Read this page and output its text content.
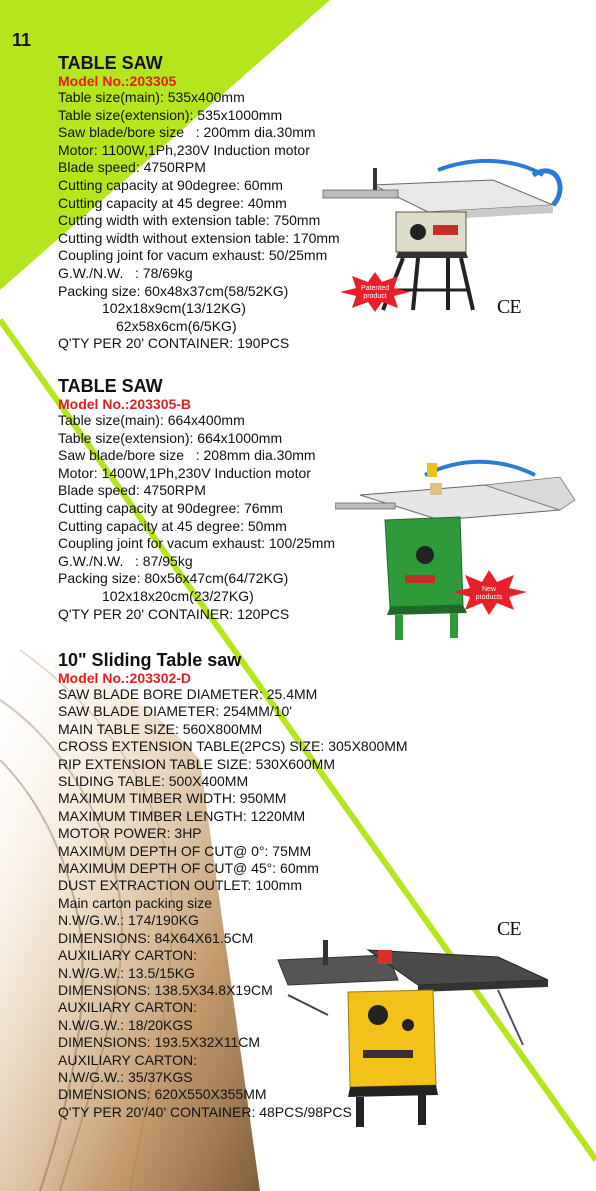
11
TABLE SAW
Model No.:203305
Table size(main): 535x400mm
Table size(extension): 535x1000mm
Saw blade/bore size   : 200mm dia.30mm
Motor: 1100W,1Ph,230V Induction motor
Blade speed: 4750RPM
Cutting capacity at 90degree: 60mm
Cutting capacity at 45 degree: 40mm
Cutting width with extension table: 750mm
Cutting width without extension table: 170mm
Coupling joint for vacum exhaust: 50/25mm
G.W./N.W.   : 78/69kg
Packing size: 60x48x37cm(58/52KG)
102x18x9cm(13/12KG)
62x58x6cm(6/5KG)
Q'TY PER 20' CONTAINER: 190PCS
Patented
product	CE
TABLE SAW
Model No.:203305-B
Table size(main): 664x400mm
Table size(extension): 664x1000mm
Saw blade/bore size   : 208mm dia.30mm
Motor: 1400W,1Ph,230V Induction motor
Blade speed: 4750RPM
Cutting capacity at 90degree: 76mm
Cutting capacity at 45 degree: 50mm
Coupling joint for vacum exhaust: 100/25mm
G.W./N.W.   : 87/95kg
Packing size: 80x56x47cm(64/72KG)
102x18x20cm(23/27KG)
Q'TY PER 20' CONTAINER: 120PCS
New
products
10" Sliding Table saw
Model No.:203302-D
SAW BLADE BORE DIAMETER: 25.4MM
SAW BLADE DIAMETER: 254MM/10'
MAIN TABLE SIZE: 560X800MM
CROSS EXTENSION TABLE(2PCS) SIZE: 305X800MM
RIP EXTENSION TABLE SIZE: 530X600MM
SLIDING TABLE: 500X400MM
MAXIMUM TIMBER WIDTH: 950MM
MAXIMUM TIMBER LENGTH: 1220MM
MOTOR POWER: 3HP
MAXIMUM DEPTH OF CUT@ 0°: 75MM
MAXIMUM DEPTH OF CUT@ 45°: 60mm
DUST EXTRACTION OUTLET: 100mm
Main carton packing size
N.W/G.W.: 174/190KG
DIMENSIONS: 84X64X61.5CM
AUXILIARY CARTON:
N.W/G.W.: 13.5/15KG
DIMENSIONS: 138.5X34.8X19CM
AUXILIARY CARTON:
N.W/G.W.: 18/20KGS
DIMENSIONS: 193.5X32X11CM
AUXILIARY CARTON:
N.W/G.W.: 35/37KGS
DIMENSIONS: 620X550X355MM
Q'TY PER 20'/40' CONTAINER: 48PCS/98PCS
CE
